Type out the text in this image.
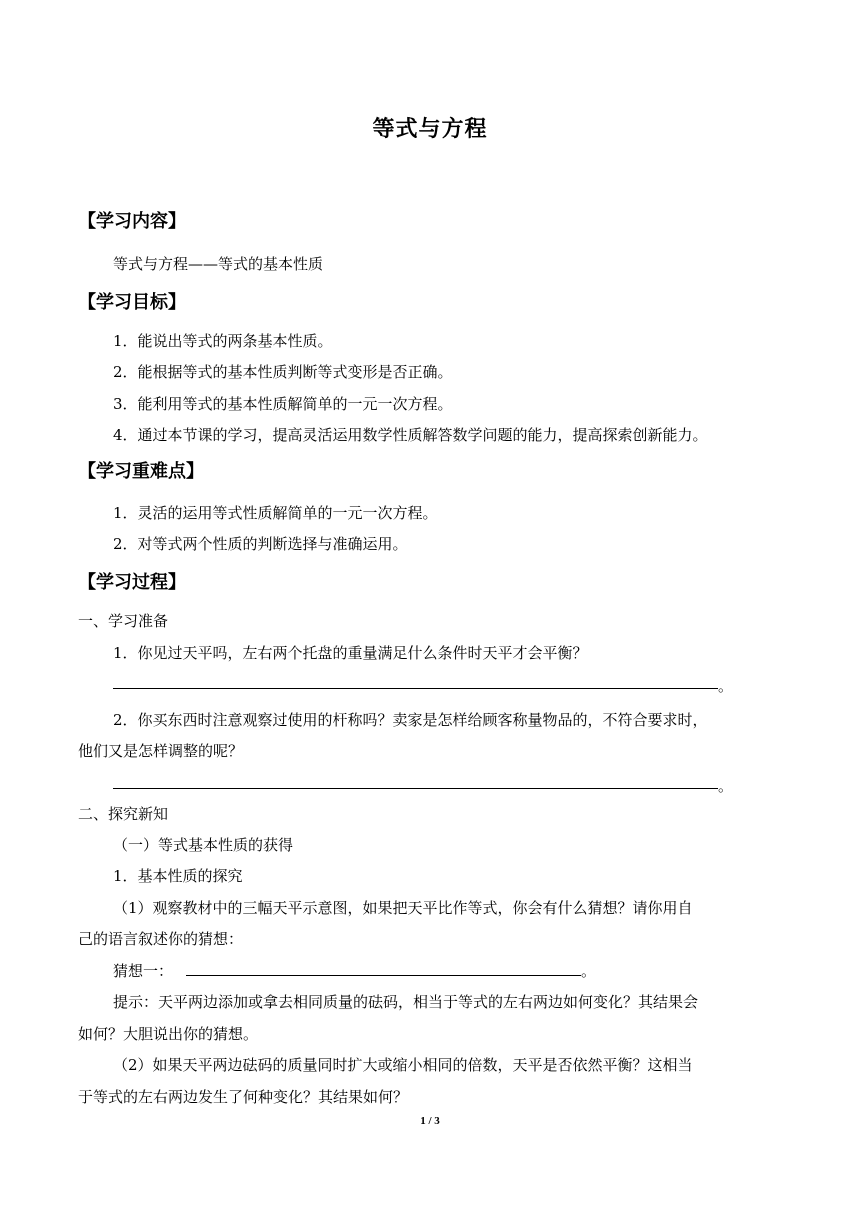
等式与方程
【学习内容】
等式与方程——等式的基本性质
【学习目标】
1．能说出等式的两条基本性质。
2．能根据等式的基本性质判断等式变形是否正确。
3．能利用等式的基本性质解简单的一元一次方程。
4．通过本节课的学习，提高灵活运用数学性质解答数学问题的能力，提高探索创新能力。
【学习重难点】
1．灵活的运用等式性质解简单的一元一次方程。
2．对等式两个性质的判断选择与准确运用。
【学习过程】
一、学习准备
1．你见过天平吗，左右两个托盘的重量满足什么条件时天平才会平衡？
。
2．你买东西时注意观察过使用的杆称吗？卖家是怎样给顾客称量物品的，不符合要求时，
他们又是怎样调整的呢？
。
二、探究新知
（一）等式基本性质的获得
1．基本性质的探究
（1）观察教材中的三幅天平示意图，如果把天平比作等式，你会有什么猜想？请你用自
己的语言叙述你的猜想：
猜想一：	。
提示：天平两边添加或拿去相同质量的砝码，相当于等式的左右两边如何变化？其结果会
如何？大胆说出你的猜想。
（2）如果天平两边砝码的质量同时扩大或缩小相同的倍数，天平是否依然平衡？这相当
于等式的左右两边发生了何种变化？其结果如何？
1 / 3
